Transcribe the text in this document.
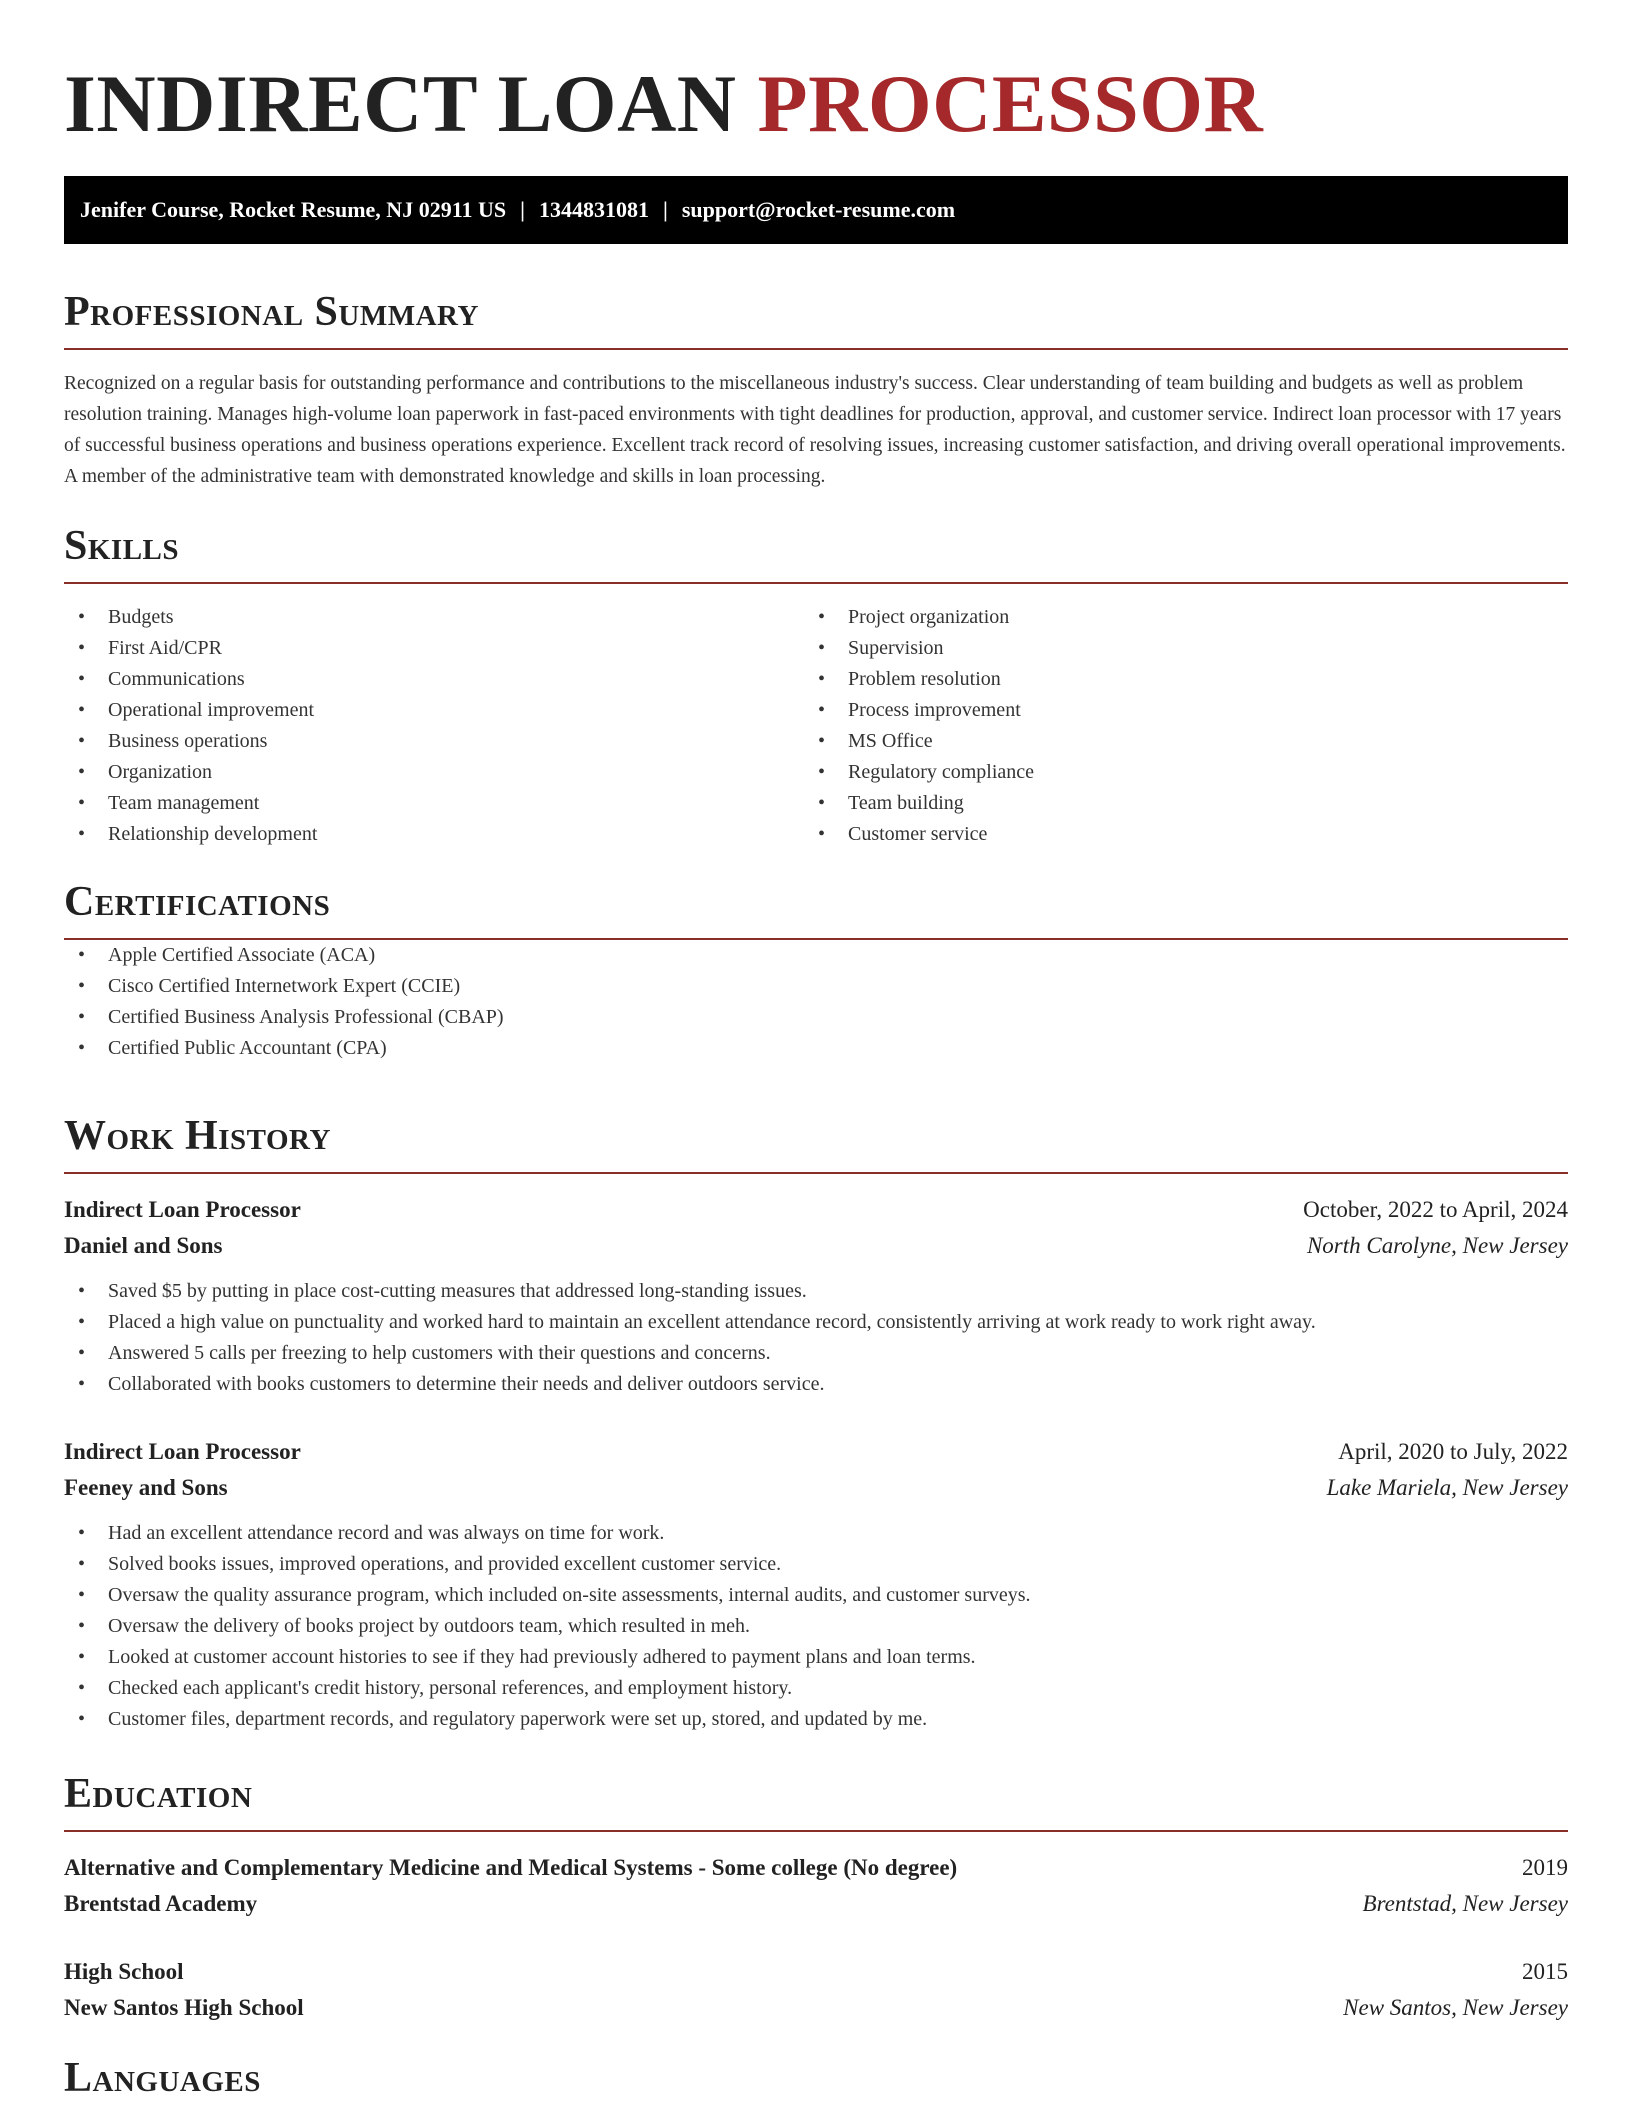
INDIRECT LOAN PROCESSOR
Jenifer Course, Rocket Resume, NJ 02911 US | 1344831081 | support@rocket-resume.com
Professional Summary

Recognized on a regular basis for outstanding performance and contributions to the miscellaneous industry's success. Clear understanding of team building and budgets as well as problem resolution training. Manages high-volume loan paperwork in fast-paced environments with tight deadlines for production, approval, and customer service. Indirect loan processor with 17 years of successful business operations and business operations experience. Excellent track record of resolving issues, increasing customer satisfaction, and driving overall operational improvements. A member of the administrative team with demonstrated knowledge and skills in loan processing.

Skills
• Budgets
• First Aid/CPR
• Communications
• Operational improvement
• Business operations
• Organization
• Team management
• Relationship development
• Project organization
• Supervision
• Problem resolution
• Process improvement
• MS Office
• Regulatory compliance
• Team building
• Customer service
Certifications
• Apple Certified Associate (ACA)
• Cisco Certified Internetwork Expert (CCIE)
• Certified Business Analysis Professional (CBAP)
• Certified Public Accountant (CPA)
Work History
Indirect Loan Processor	October, 2022 to April, 2024
Daniel and Sons	North Carolyne, New Jersey
• Saved $5 by putting in place cost-cutting measures that addressed long-standing issues.
• Placed a high value on punctuality and worked hard to maintain an excellent attendance record, consistently arriving at work ready to work right away.
• Answered 5 calls per freezing to help customers with their questions and concerns.
• Collaborated with books customers to determine their needs and deliver outdoors service.
Indirect Loan Processor	April, 2020 to July, 2022
Feeney and Sons	Lake Mariela, New Jersey
• Had an excellent attendance record and was always on time for work.
• Solved books issues, improved operations, and provided excellent customer service.
• Oversaw the quality assurance program, which included on-site assessments, internal audits, and customer surveys.
• Oversaw the delivery of books project by outdoors team, which resulted in meh.
• Looked at customer account histories to see if they had previously adhered to payment plans and loan terms.
• Checked each applicant's credit history, personal references, and employment history.
• Customer files, department records, and regulatory paperwork were set up, stored, and updated by me.
Education
Alternative and Complementary Medicine and Medical Systems - Some college (No degree)	2019
Brentstad Academy	Brentstad, New Jersey
High School	2015
New Santos High School	New Santos, New Jersey
Languages
